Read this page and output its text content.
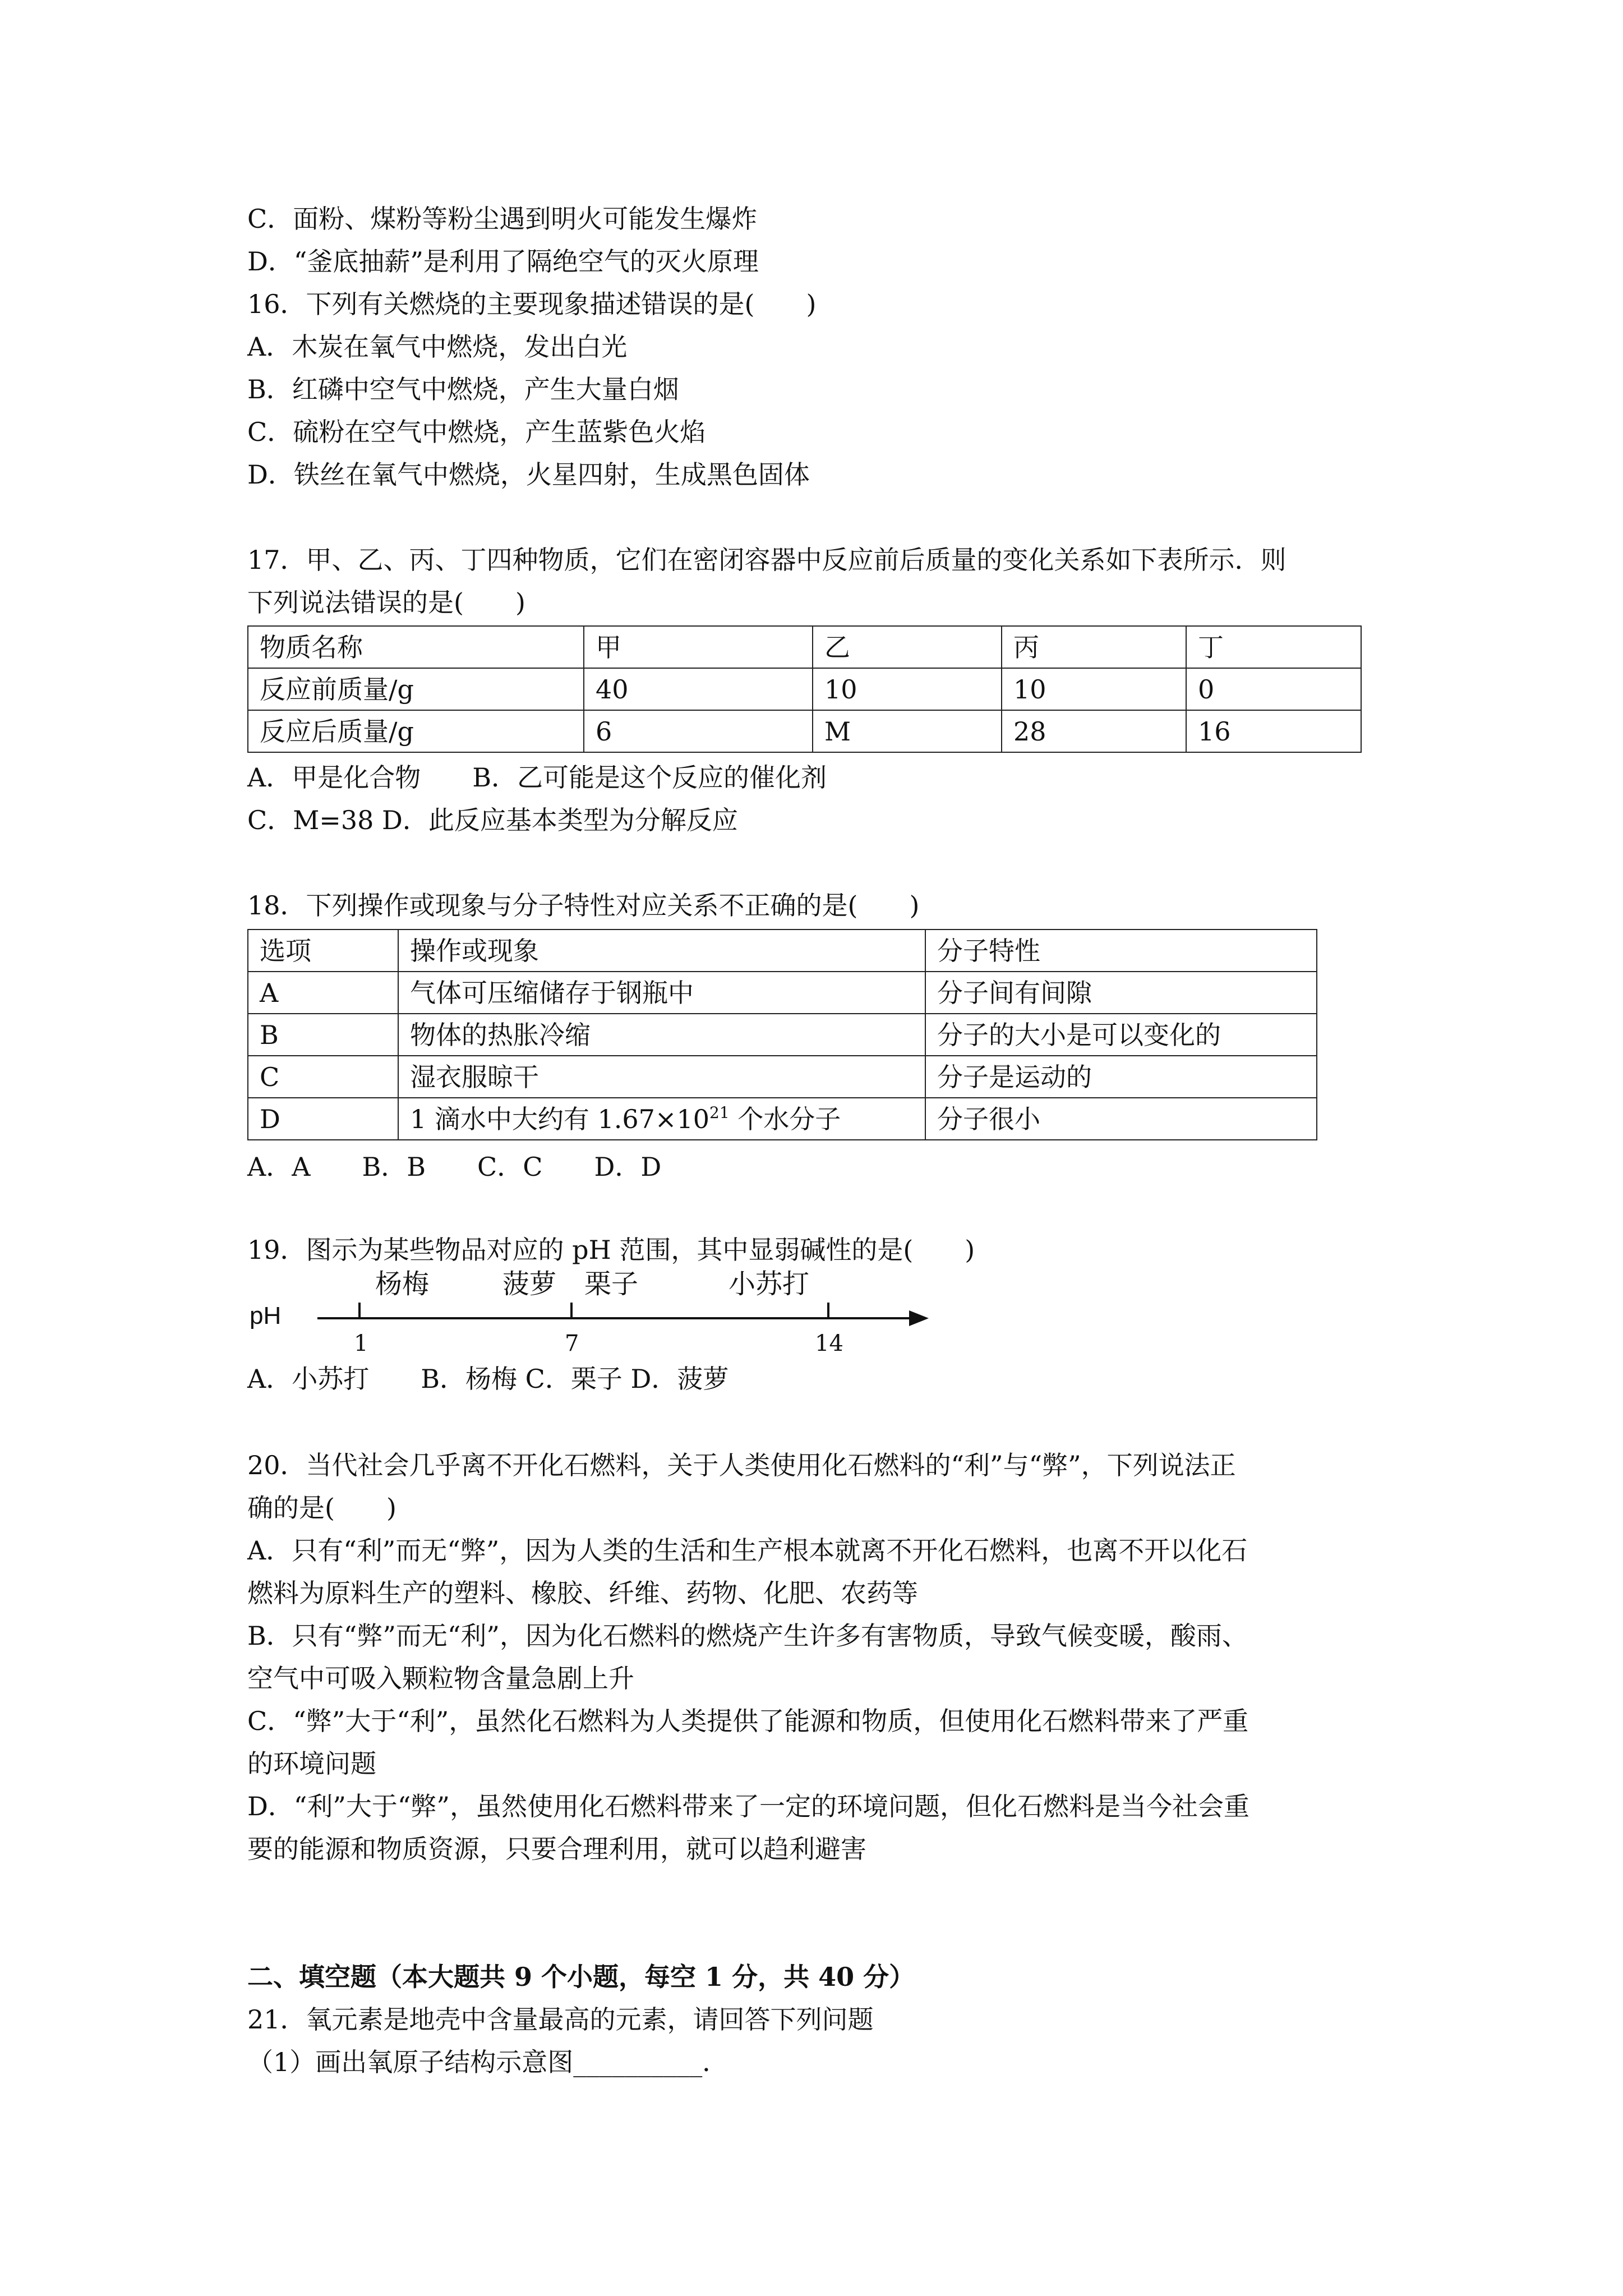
C．面粉、煤粉等粉尘遇到明火可能发生爆炸

D．“釜底抽薪”是利用了隔绝空气的灭火原理

16．下列有关燃烧的主要现象描述错误的是(　　)

A．木炭在氧气中燃烧，发出白光

B．红磷中空气中燃烧，产生大量白烟

C．硫粉在空气中燃烧，产生蓝紫色火焰

D．铁丝在氧气中燃烧，火星四射，生成黑色固体

17．甲、乙、丙、丁四种物质，它们在密闭容器中反应前后质量的变化关系如下表所示．则

下列说法错误的是(　　)

物质名称	甲	乙	丙	丁
反应前质量/g	40	10	10	0
反应后质量/g	6	M	28	16

A．甲是化合物　　B．乙可能是这个反应的催化剂

C．M=38 D．此反应基本类型为分解反应

18．下列操作或现象与分子特性对应关系不正确的是(　　)

选项	操作或现象	分子特性
A	气体可压缩储存于钢瓶中	分子间有间隙
B	物体的热胀冷缩	分子的大小是可以变化的
C	湿衣服晾干	分子是运动的
D	1 滴水中大约有 $1.67\times 10^{21}$ 个水分子	分子很小

A．A　　B．B　　C．C　　D．D

19．图示为某些物品对应的 pH 范围，其中显弱碱性的是(　　)

pH
杨梅	菠萝 栗子	小苏打
1	7	14

A．小苏打　　B．杨梅 C．栗子 D．菠萝

20．当代社会几乎离不开化石燃料，关于人类使用化石燃料的“利”与“弊”，下列说法正

确的是(　　)

A．只有“利”而无“弊”，因为人类的生活和生产根本就离不开化石燃料，也离不开以化石

燃料为原料生产的塑料、橡胶、纤维、药物、化肥、农药等

B．只有“弊”而无“利”，因为化石燃料的燃烧产生许多有害物质，导致气候变暖，酸雨、

空气中可吸入颗粒物含量急剧上升

C．“弊”大于“利”，虽然化石燃料为人类提供了能源和物质，但使用化石燃料带来了严重

的环境问题

D．“利”大于“弊”，虽然使用化石燃料带来了一定的环境问题，但化石燃料是当今社会重

要的能源和物质资源，只要合理利用，就可以趋利避害

二、填空题（本大题共 9 个小题，每空 1 分，共 40 分）

21．氧元素是地壳中含量最高的元素，请回答下列问题

（1）画出氧原子结构示意图__________．
